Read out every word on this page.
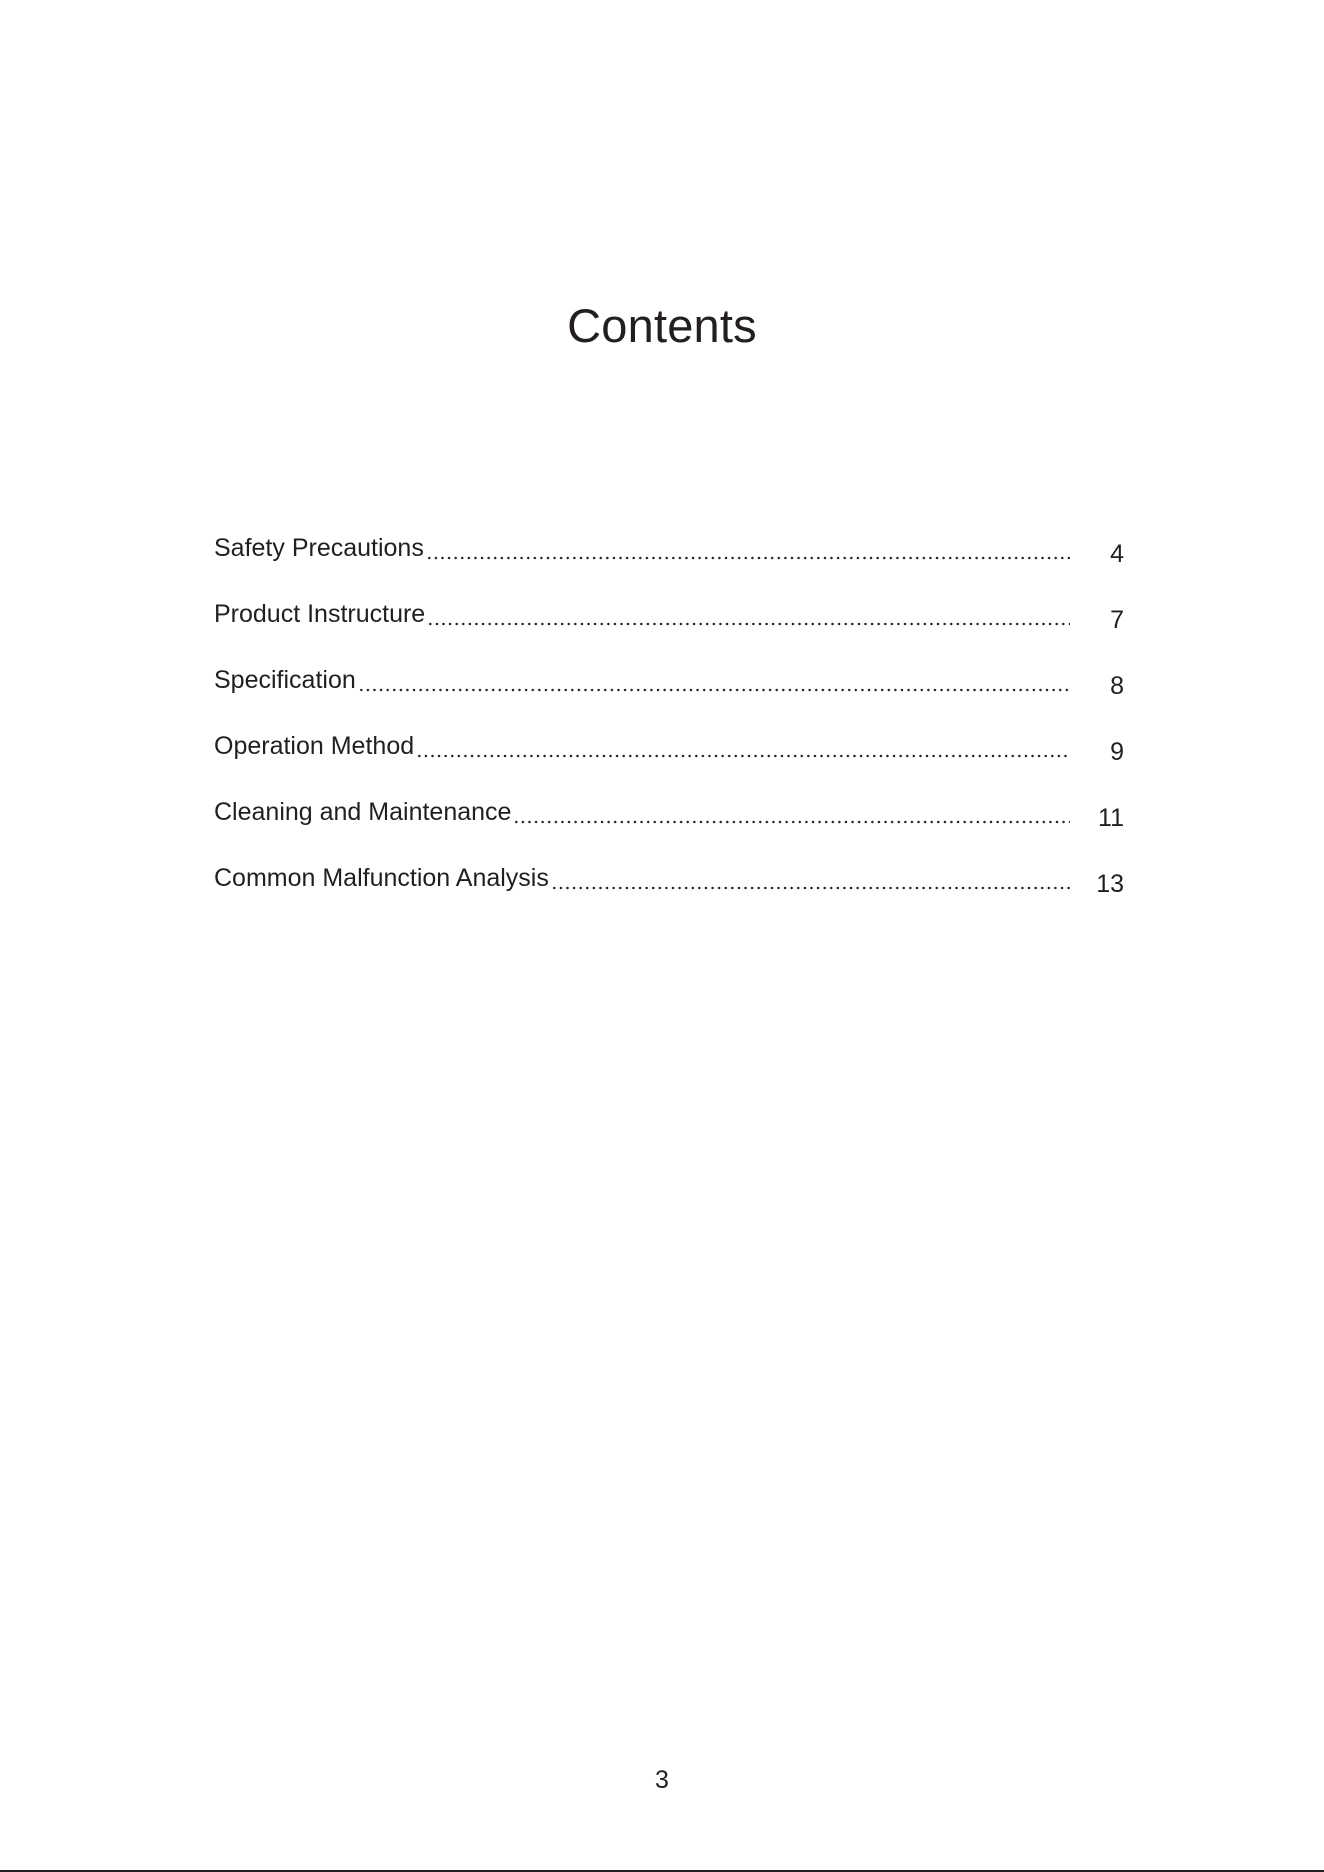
Contents
Safety Precautions	4
Product Instructure	7
Specification	8
Operation Method	9
Cleaning and Maintenance	11
Common Malfunction Analysis	13
3
